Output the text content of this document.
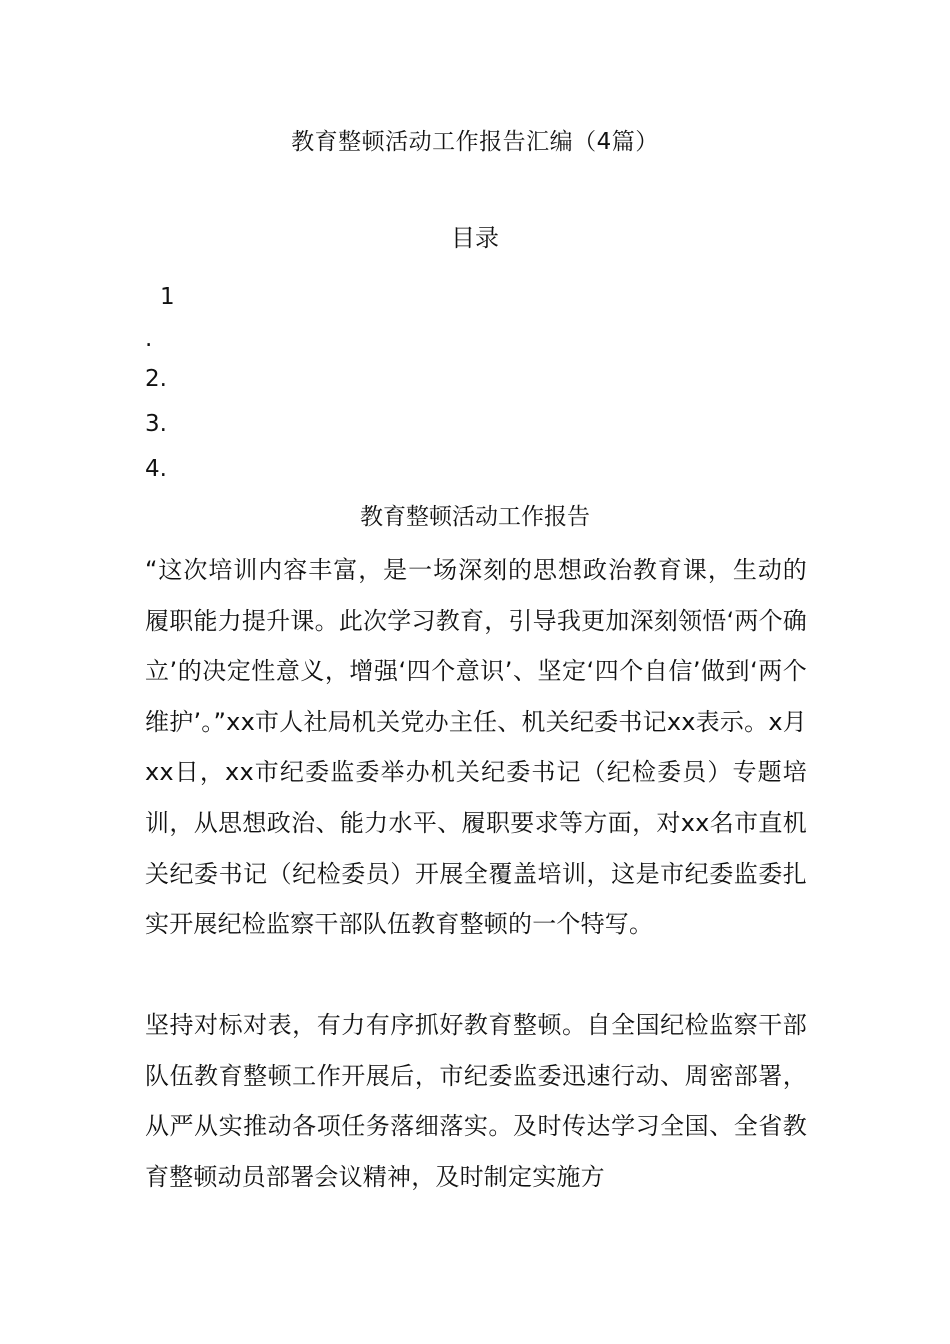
教育整顿活动工作报告汇编（4篇）
目录
1
.
2.
3.
4.
教育整顿活动工作报告
“这次培训内容丰富，是一场深刻的思想政治教育课，生动的履职能力提升课。此次学习教育，引导我更加深刻领悟‘两个确立’的决定性意义，增强‘四个意识’、坚定‘四个自信’做到‘两个维护’。”xx市人社局机关党办主任、机关纪委书记xx表示。x月xx日，xx市纪委监委举办机关纪委书记（纪检委员）专题培训，从思想政治、能力水平、履职要求等方面，对xx名市直机关纪委书记（纪检委员）开展全覆盖培训，这是市纪委监委扎实开展纪检监察干部队伍教育整顿的一个特写。
坚持对标对表，有力有序抓好教育整顿。自全国纪检监察干部队伍教育整顿工作开展后，市纪委监委迅速行动、周密部署，从严从实推动各项任务落细落实。及时传达学习全国、全省教育整顿动员部署会议精神，及时制定实施方
